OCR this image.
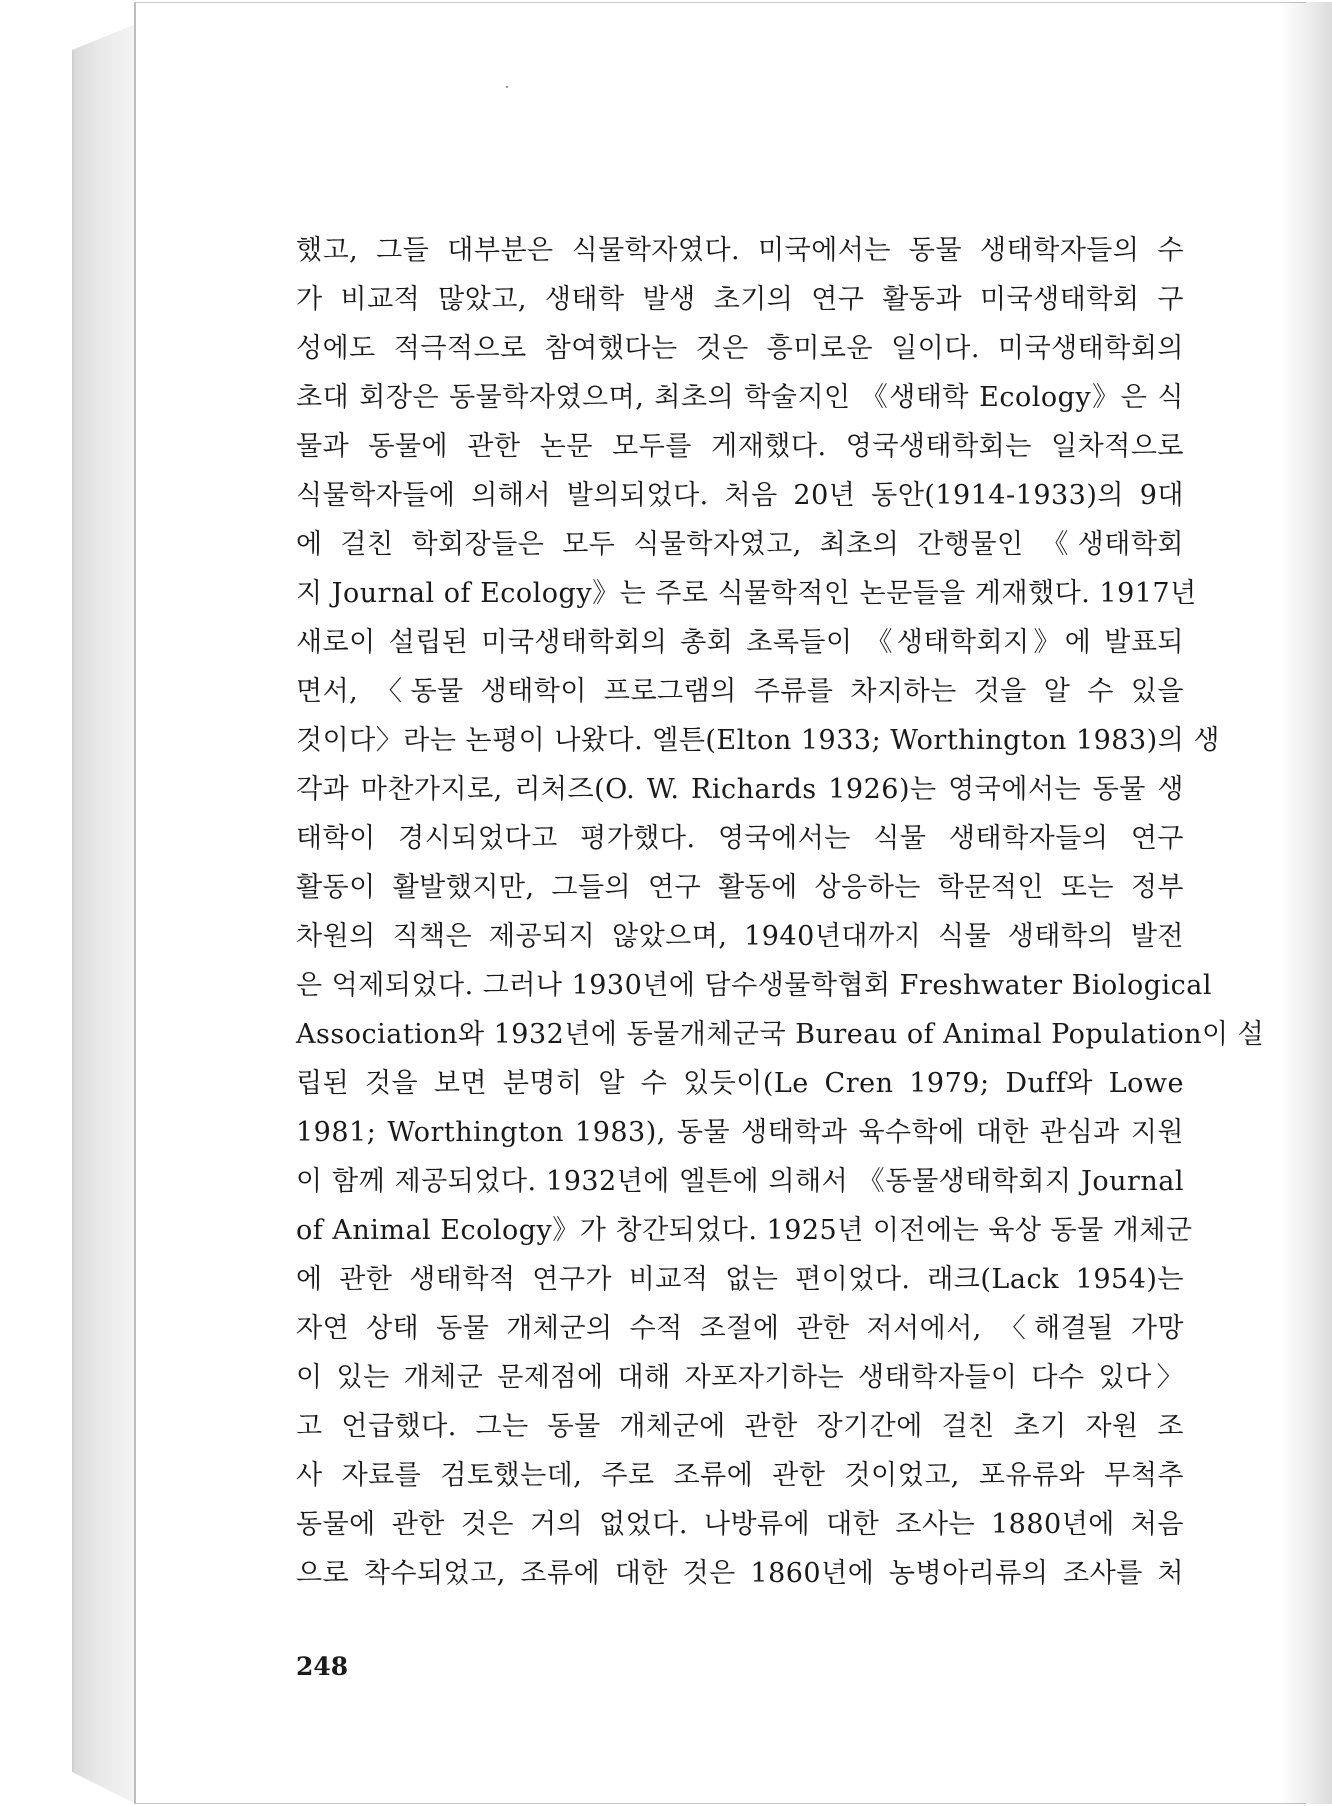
했고, 그들 대부분은 식물학자였다. 미국에서는 동물 생태학자들의 수
가 비교적 많았고, 생태학 발생 초기의 연구 활동과 미국생태학회 구
성에도 적극적으로 참여했다는 것은 흥미로운 일이다. 미국생태학회의
초대 회장은 동물학자였으며, 최초의 학술지인 《생태학 Ecology》은 식
물과 동물에 관한 논문 모두를 게재했다. 영국생태학회는 일차적으로
식물학자들에 의해서 발의되었다. 처음 20년 동안(1914-1933)의 9대
에 걸친 학회장들은 모두 식물학자였고, 최초의 간행물인 《생태학회
지 Journal of Ecology》는 주로 식물학적인 논문들을 게재했다. 1917년
새로이 설립된 미국생태학회의 총회 초록들이 《생태학회지》에 발표되
면서, 〈동물 생태학이 프로그램의 주류를 차지하는 것을 알 수 있을
것이다〉라는 논평이 나왔다. 엘튼(Elton 1933; Worthington 1983)의 생
각과 마찬가지로, 리처즈(O. W. Richards 1926)는 영국에서는 동물 생
태학이 경시되었다고 평가했다. 영국에서는 식물 생태학자들의 연구
활동이 활발했지만, 그들의 연구 활동에 상응하는 학문적인 또는 정부
차원의 직책은 제공되지 않았으며, 1940년대까지 식물 생태학의 발전
은 억제되었다. 그러나 1930년에 담수생물학협회 Freshwater Biological
Association와 1932년에 동물개체군국 Bureau of Animal Population이 설
립된 것을 보면 분명히 알 수 있듯이(Le Cren 1979; Duff와 Lowe
1981; Worthington 1983), 동물 생태학과 육수학에 대한 관심과 지원
이 함께 제공되었다. 1932년에 엘튼에 의해서 《동물생태학회지 Journal
of Animal Ecology》가 창간되었다. 1925년 이전에는 육상 동물 개체군
에 관한 생태학적 연구가 비교적 없는 편이었다. 래크(Lack 1954)는
자연 상태 동물 개체군의 수적 조절에 관한 저서에서, 〈해결될 가망
이 있는 개체군 문제점에 대해 자포자기하는 생태학자들이 다수 있다〉
고 언급했다. 그는 동물 개체군에 관한 장기간에 걸친 초기 자원 조
사 자료를 검토했는데, 주로 조류에 관한 것이었고, 포유류와 무척추
동물에 관한 것은 거의 없었다. 나방류에 대한 조사는 1880년에 처음
으로 착수되었고, 조류에 대한 것은 1860년에 농병아리류의 조사를 처
248
